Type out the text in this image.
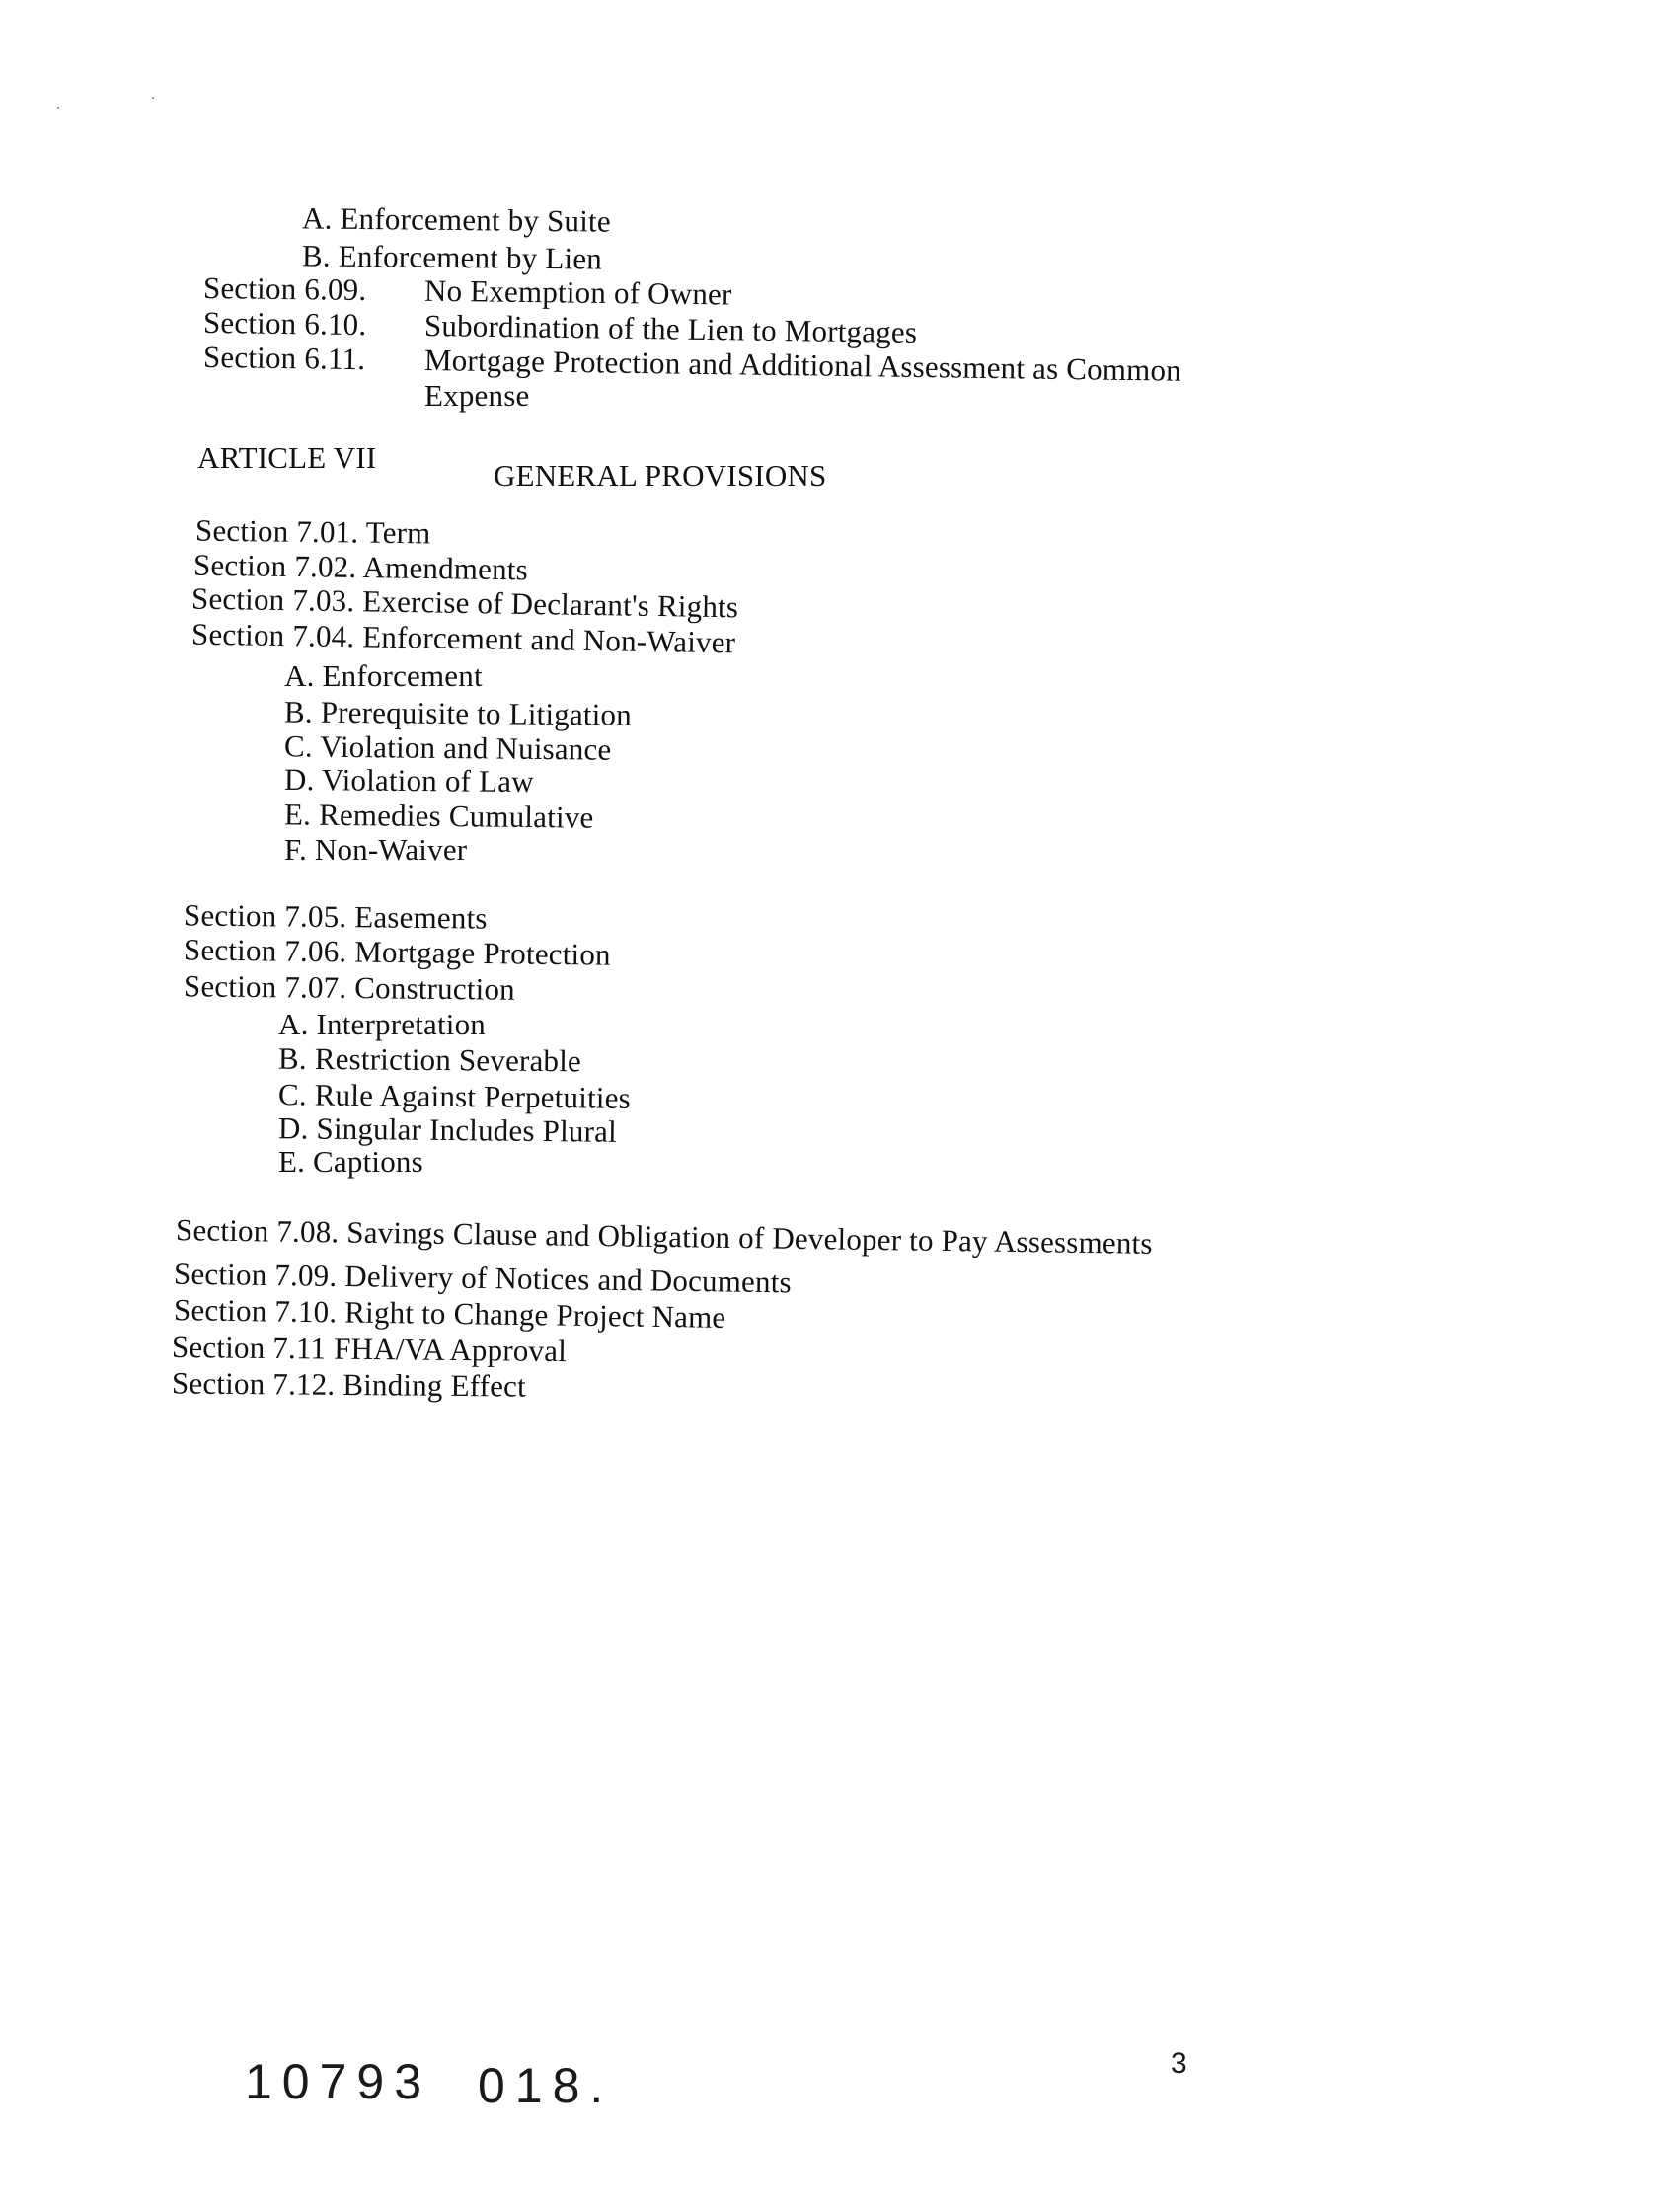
A. Enforcement by Suite
B. Enforcement by Lien
Section 6.09. No Exemption of Owner
Section 6.10. Subordination of the Lien to Mortgages
Section 6.11. Mortgage Protection and Additional Assessment as Common
Expense
ARTICLE VII
GENERAL PROVISIONS
Section 7.01. Term
Section 7.02. Amendments
Section 7.03. Exercise of Declarant's Rights
Section 7.04. Enforcement and Non-Waiver
A. Enforcement
B. Prerequisite to Litigation
C. Violation and Nuisance
D. Violation of Law
E. Remedies Cumulative
F. Non-Waiver
Section 7.05. Easements
Section 7.06. Mortgage Protection
Section 7.07. Construction
A. Interpretation
B. Restriction Severable
C. Rule Against Perpetuities
D. Singular Includes Plural
E. Captions
Section 7.08. Savings Clause and Obligation of Developer to Pay Assessments
Section 7.09. Delivery of Notices and Documents
Section 7.10. Right to Change Project Name
Section 7.11 FHA/VA Approval
Section 7.12. Binding Effect
10793 018.	3
